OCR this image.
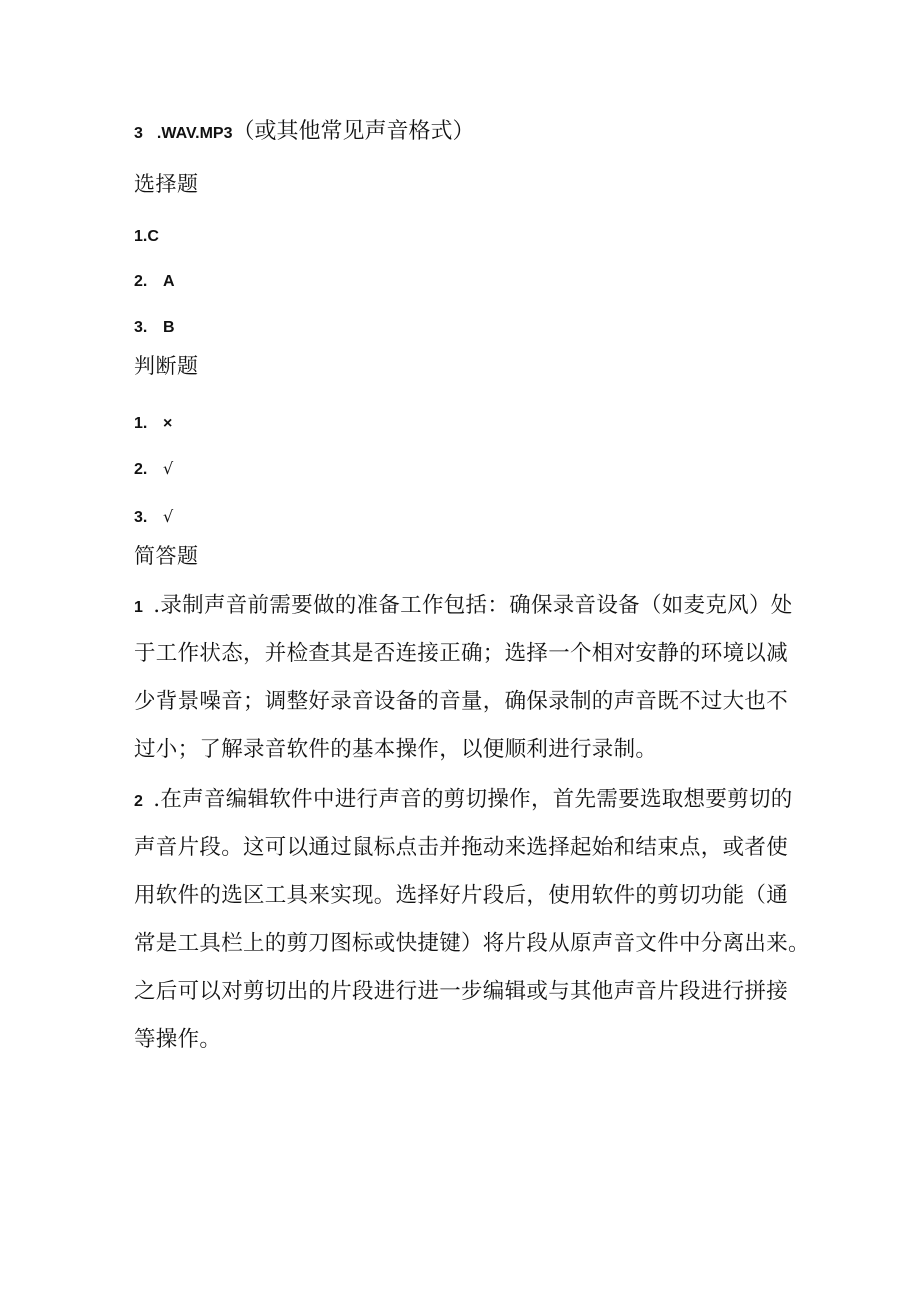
3 .WAV.MP3（或其他常见声音格式）
选择题
1.C
2. A
3. B
判断题
1. ×
2. √
3. √
简答题
1 .录制声音前需要做的准备工作包括：确保录音设备（如麦克风）处
于工作状态，并检查其是否连接正确；选择一个相对安静的环境以减
少背景噪音；调整好录音设备的音量，确保录制的声音既不过大也不
过小；了解录音软件的基本操作，以便顺利进行录制。
2 .在声音编辑软件中进行声音的剪切操作，首先需要选取想要剪切的
声音片段。这可以通过鼠标点击并拖动来选择起始和结束点，或者使
用软件的选区工具来实现。选择好片段后，使用软件的剪切功能（通
常是工具栏上的剪刀图标或快捷键）将片段从原声音文件中分离出来。
之后可以对剪切出的片段进行进一步编辑或与其他声音片段进行拼接
等操作。
